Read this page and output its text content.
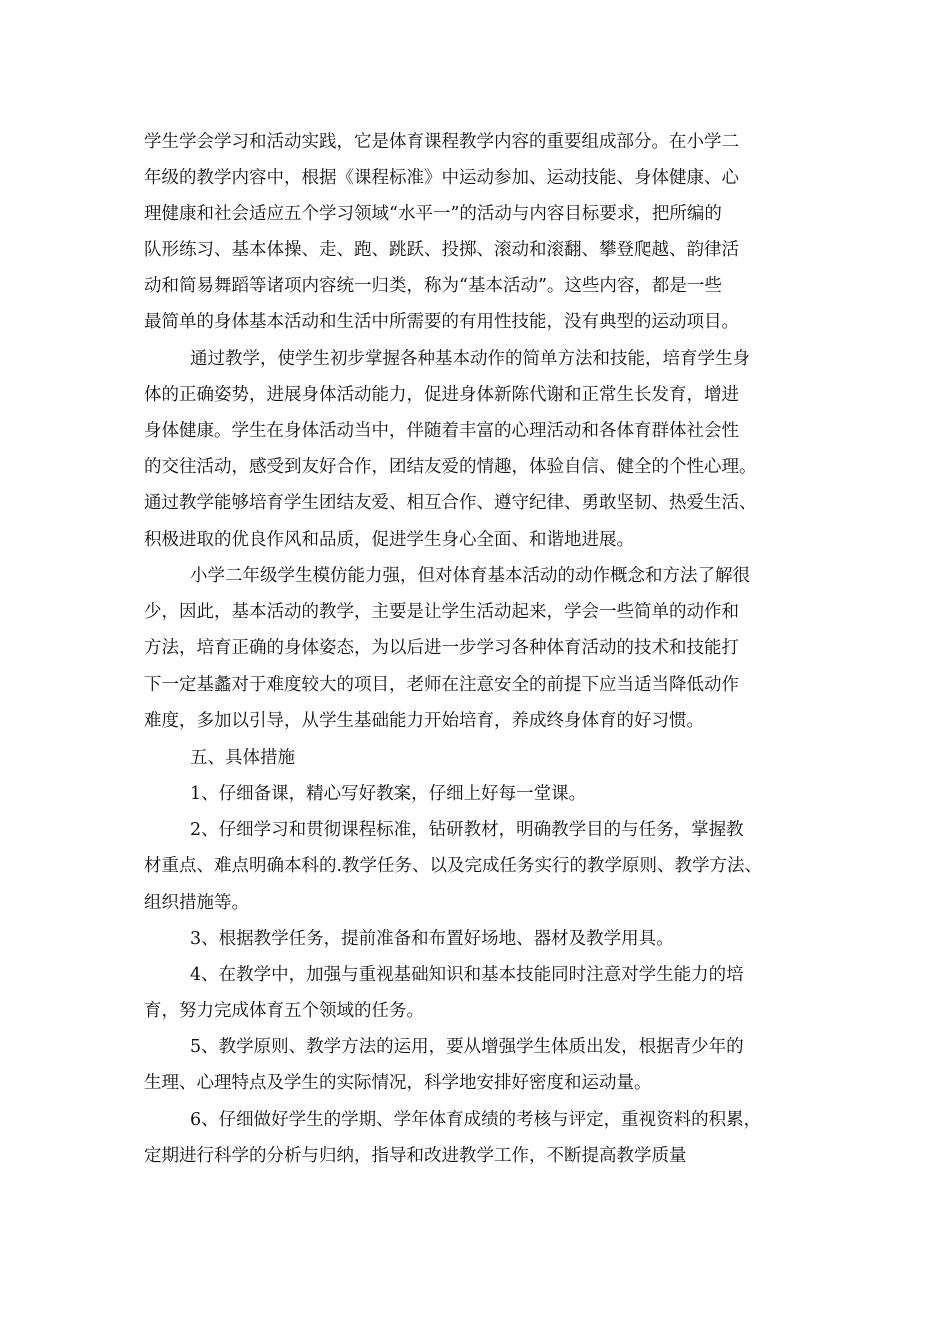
学生学会学习和活动实践，它是体育课程教学内容的重要组成部分。在小学二

年级的教学内容中，根据《课程标准》中运动参加、运动技能、身体健康、心

理健康和社会适应五个学习领域“水平一”的活动与内容目标要求，把所编的

队形练习、基本体操、走、跑、跳跃、投掷、滚动和滚翻、攀登爬越、韵律活

动和简易舞蹈等诸项内容统一归类，称为“基本活动”。这些内容，都是一些

最简单的身体基本活动和生活中所需要的有用性技能，没有典型的运动项目。

通过教学，使学生初步掌握各种基本动作的简单方法和技能，培育学生身

体的正确姿势，进展身体活动能力，促进身体新陈代谢和正常生长发育，增进

身体健康。学生在身体活动当中，伴随着丰富的心理活动和各体育群体社会性

的交往活动，感受到友好合作，团结友爱的情趣，体验自信、健全的个性心理。

通过教学能够培育学生团结友爱、相互合作、遵守纪律、勇敢坚韧、热爱生活、

积极进取的优良作风和品质，促进学生身心全面、和谐地进展。

小学二年级学生模仿能力强，但对体育基本活动的动作概念和方法了解很

少，因此，基本活动的教学，主要是让学生活动起来，学会一些简单的动作和

方法，培育正确的身体姿态，为以后进一步学习各种体育活动的技术和技能打

下一定基蠡对于难度较大的项目，老师在注意安全的前提下应当适当降低动作

难度，多加以引导，从学生基础能力开始培育，养成终身体育的好习惯。

五、具体措施

1、仔细备课，精心写好教案，仔细上好每一堂课。

2、仔细学习和贯彻课程标准，钻研教材，明确教学目的与任务，掌握教

材重点、难点明确本科的.教学任务、以及完成任务实行的教学原则、教学方法、

组织措施等。

3、根据教学任务，提前准备和布置好场地、器材及教学用具。

4、在教学中，加强与重视基础知识和基本技能同时注意对学生能力的培

育，努力完成体育五个领域的任务。

5、教学原则、教学方法的运用，要从增强学生体质出发，根据青少年的

生理、心理特点及学生的实际情况，科学地安排好密度和运动量。

6、仔细做好学生的学期、学年体育成绩的考核与评定，重视资料的积累，

定期进行科学的分析与归纳，指导和改进教学工作，不断提高教学质量
